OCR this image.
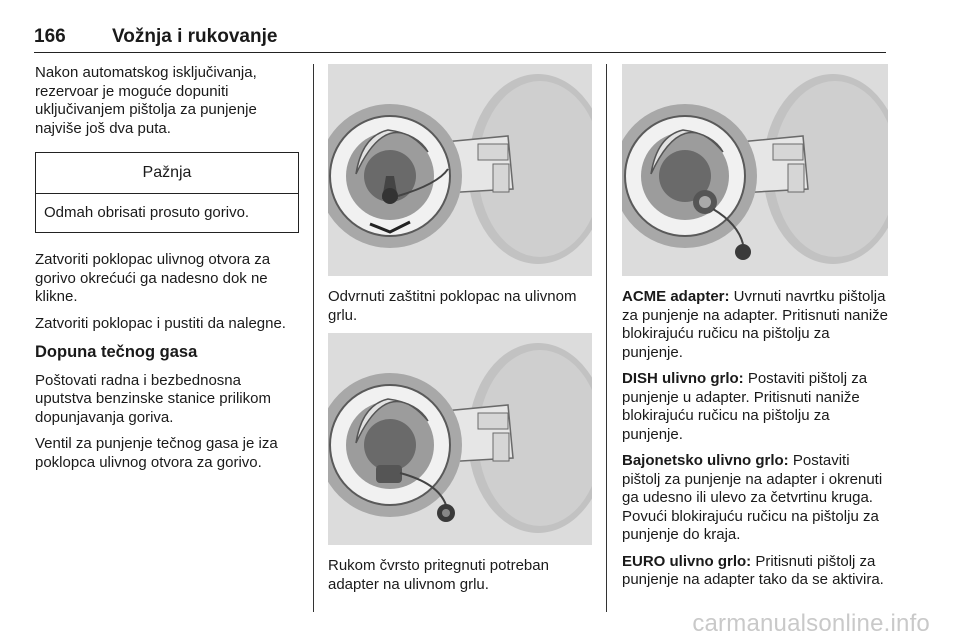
166 Vožnja i rukovanje

Nakon automatskog isključivanja, rezervoar je moguće dopuniti uključivanjem pištolja za punjenje najviše još dva puta.

Pažnja
Odmah obrisati prosuto gorivo.

Zatvoriti poklopac ulivnog otvora za gorivo okrećući ga nadesno dok ne klikne.

Zatvoriti poklopac i pustiti da nalegne.

Dopuna tečnog gasa

Poštovati radna i bezbednosna uputstva benzinske stanice prilikom dopunjavanja goriva.

Ventil za punjenje tečnog gasa je iza poklopca ulivnog otvora za gorivo.

Odvrnuti zaštitni poklopac na ulivnom grlu.

Rukom čvrsto pritegnuti potreban adapter na ulivnom grlu.

ACME adapter: Uvrnuti navrtku pištolja za punjenje na adapter. Pritisnuti naniže blokirajuću ručicu na pištolju za punjenje.

DISH ulivno grlo: Postaviti pištolj za punjenje u adapter. Pritisnuti naniže blokirajuću ručicu na pištolju za punjenje.

Bajonetsko ulivno grlo: Postaviti pištolj za punjenje na adapter i okrenuti ga udesno ili ulevo za četvrtinu kruga. Povući blokirajuću ručicu na pištolju za punjenje do kraja.

EURO ulivno grlo: Pritisnuti pištolj za punjenje na adapter tako da se aktivira.

carmanualsonline.info
